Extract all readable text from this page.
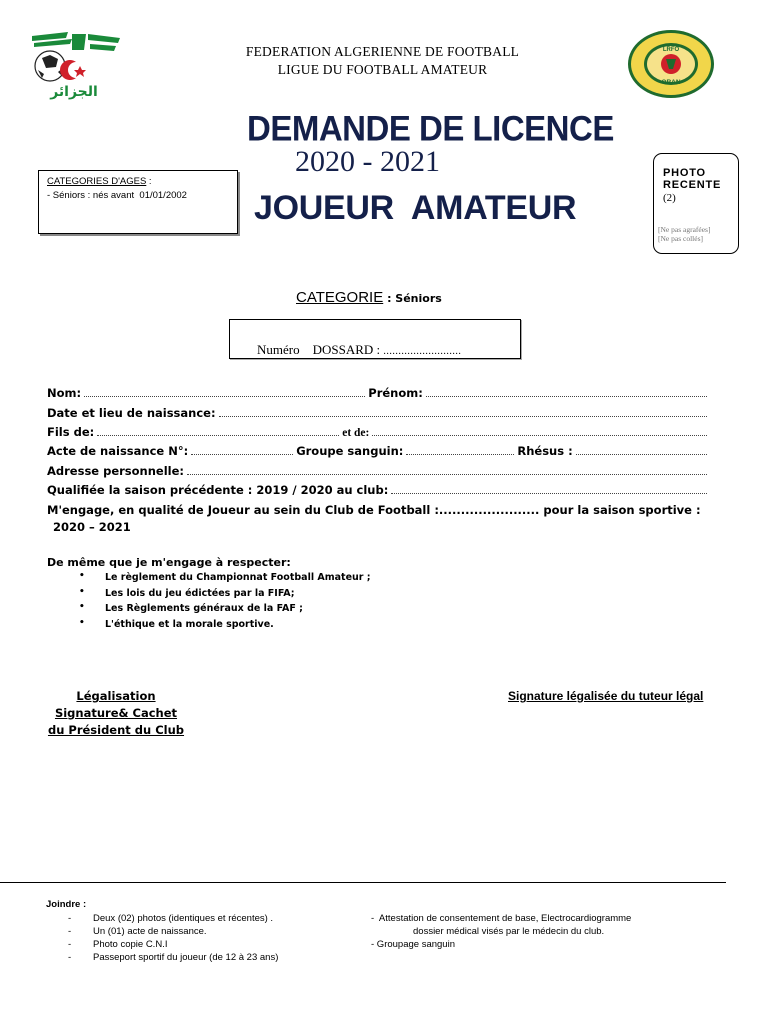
الجزائر
FEDERATION ALGERIENNE DE FOOTBALL
LIGUE DU FOOTBALL AMATEUR
LRFO
ORAN
DEMANDE DE LICENCE
2020 - 2021
JOUEUR  AMATEUR
CATEGORIES D'AGES :
- Séniors : nés avant  01/01/2002
PHOTO
RECENTE
(2)
[Ne pas agrafées]
[Ne pas collés]
CATEGORIE : Séniors

Numéro    DOSSARD : ..........................

Nom:	Prénom:
Date et lieu de naissance:
Fils de:	et de:
Acte de naissance N°:	Groupe sanguin:	Rhésus :
Adresse personnelle:
Qualifiée la saison précédente : 2019 / 2020 au club:
M'engage, en qualité de Joueur au sein du Club de Football :....................... pour la saison sportive :
2020 – 2021
De même que je m'engage à respecter:
• Le règlement du Championnat Football Amateur ;
• Les lois du jeu édictées par la FIFA;
• Les Règlements généraux de la FAF ;
• L'éthique et la morale sportive.
Légalisation
Signature& Cachet
du Président du Club
Signature légalisée du tuteur légal
Joindre :
- Deux (02) photos (identiques et récentes) .
- Un (01) acte de naissance.
- Photo copie C.N.I
- Passeport sportif du joueur (de 12 à 23 ans)
-  Attestation de consentement de base, Electrocardiogramme
dossier médical visés par le médecin du club.
- Groupage sanguin
